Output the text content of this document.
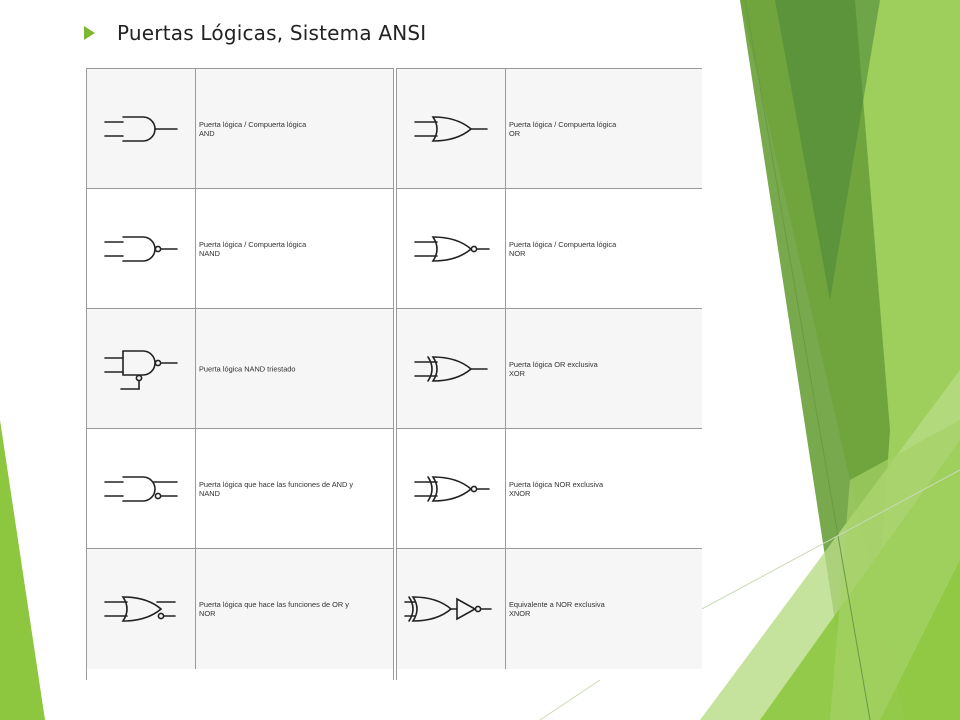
Puertas Lógicas, Sistema ANSI
Puerta lógica / Compuerta lógica
AND
Puerta lógica / Compuerta lógica
NAND
Puerta lógica NAND triestado
Puerta lógica que hace las funciones de AND y
NAND
Puerta lógica que hace las funciones de OR y
NOR
Puerta lógica / Compuerta lógica
OR
Puerta lógica / Compuerta lógica
NOR
Puerta lógica OR exclusiva
XOR
Puerta lógica NOR exclusiva
XNOR
Equivalente a NOR exclusiva
XNOR
